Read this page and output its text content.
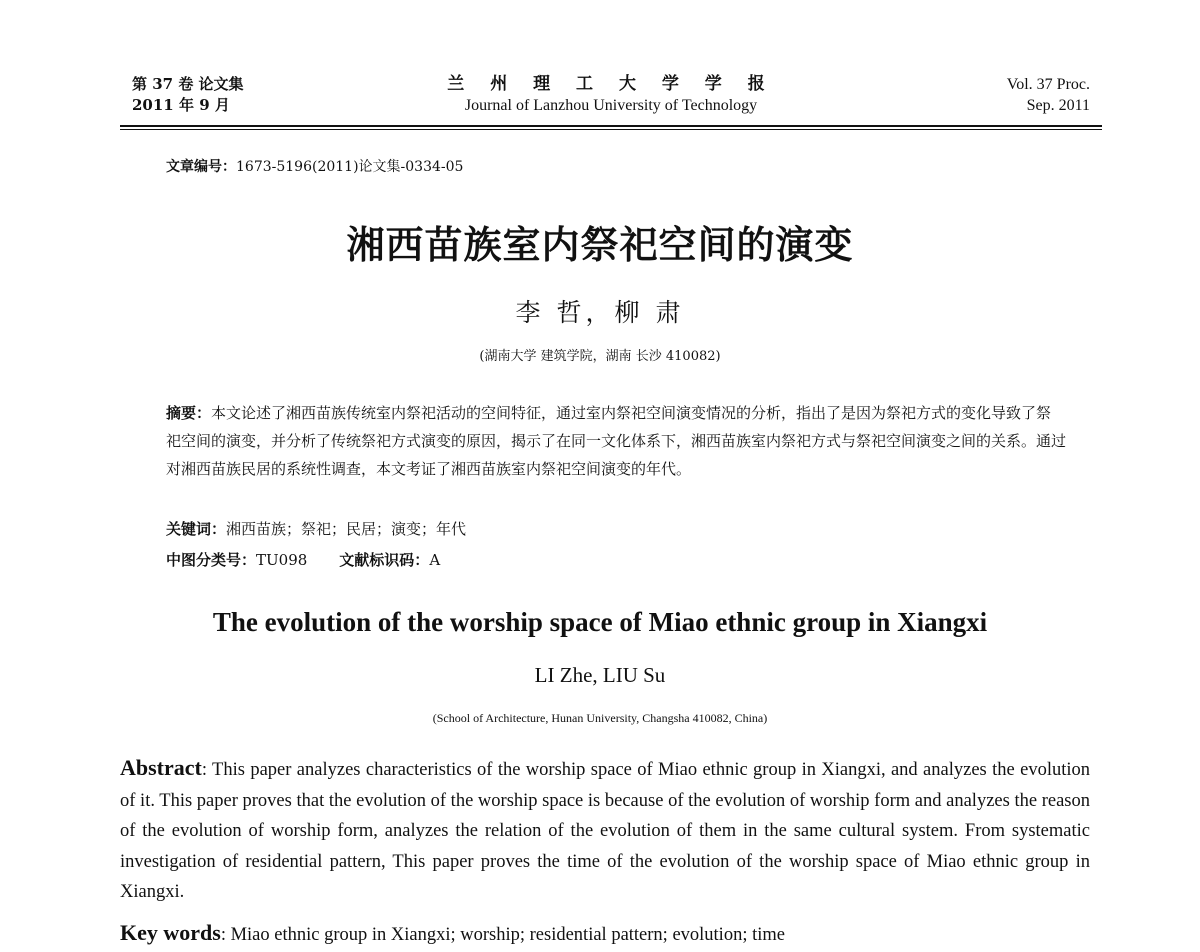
第 37 卷 论文集
2011 年 9 月
兰 州 理 工 大 学 学 报
Journal of Lanzhou University of Technology
Vol. 37 Proc.
Sep. 2011
文章编号：1673-5196(2011)论文集-0334-05
湘西苗族室内祭祀空间的演变
李 哲，柳 肃
(湖南大学 建筑学院，湖南 长沙 410082)
摘要：本文论述了湘西苗族传统室内祭祀活动的空间特征，通过室内祭祀空间演变情况的分析，指出了是因为祭祀方式的变化导致了祭祀空间的演变，并分析了传统祭祀方式演变的原因，揭示了在同一文化体系下，湘西苗族室内祭祀方式与祭祀空间演变之间的关系。通过对湘西苗族民居的系统性调查，本文考证了湘西苗族室内祭祀空间演变的年代。
关键词：湘西苗族；祭祀；民居；演变；年代
中图分类号：TU098 文献标识码：A
The evolution of the worship space of Miao ethnic group in Xiangxi
LI Zhe, LIU Su
(School of Architecture, Hunan University, Changsha 410082, China)
Abstract: This paper analyzes characteristics of the worship space of Miao ethnic group in Xiangxi, and analyzes the evolution of it. This paper proves that the evolution of the worship space is because of the evolution of worship form and analyzes the reason of the evolution of worship form, analyzes the relation of the evolution of them in the same cultural system. From systematic investigation of residential pattern, This paper proves the time of the evolution of the worship space of Miao ethnic group in Xiangxi.
Key words: Miao ethnic group in Xiangxi; worship; residential pattern; evolution; time
